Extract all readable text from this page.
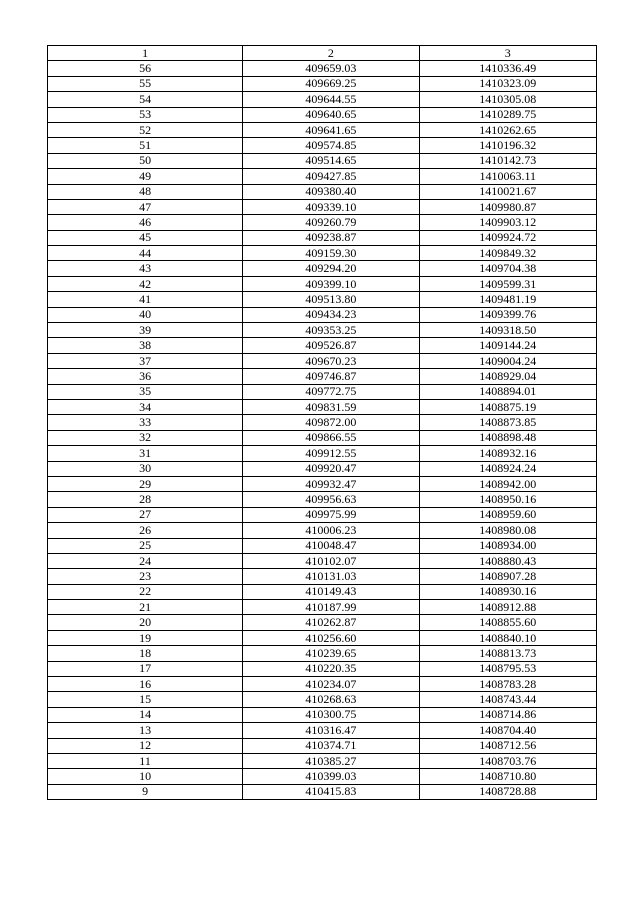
1	2	3
56	409659.03	1410336.49
55	409669.25	1410323.09
54	409644.55	1410305.08
53	409640.65	1410289.75
52	409641.65	1410262.65
51	409574.85	1410196.32
50	409514.65	1410142.73
49	409427.85	1410063.11
48	409380.40	1410021.67
47	409339.10	1409980.87
46	409260.79	1409903.12
45	409238.87	1409924.72
44	409159.30	1409849.32
43	409294.20	1409704.38
42	409399.10	1409599.31
41	409513.80	1409481.19
40	409434.23	1409399.76
39	409353.25	1409318.50
38	409526.87	1409144.24
37	409670.23	1409004.24
36	409746.87	1408929.04
35	409772.75	1408894.01
34	409831.59	1408875.19
33	409872.00	1408873.85
32	409866.55	1408898.48
31	409912.55	1408932.16
30	409920.47	1408924.24
29	409932.47	1408942.00
28	409956.63	1408950.16
27	409975.99	1408959.60
26	410006.23	1408980.08
25	410048.47	1408934.00
24	410102.07	1408880.43
23	410131.03	1408907.28
22	410149.43	1408930.16
21	410187.99	1408912.88
20	410262.87	1408855.60
19	410256.60	1408840.10
18	410239.65	1408813.73
17	410220.35	1408795.53
16	410234.07	1408783.28
15	410268.63	1408743.44
14	410300.75	1408714.86
13	410316.47	1408704.40
12	410374.71	1408712.56
11	410385.27	1408703.76
10	410399.03	1408710.80
9	410415.83	1408728.88
